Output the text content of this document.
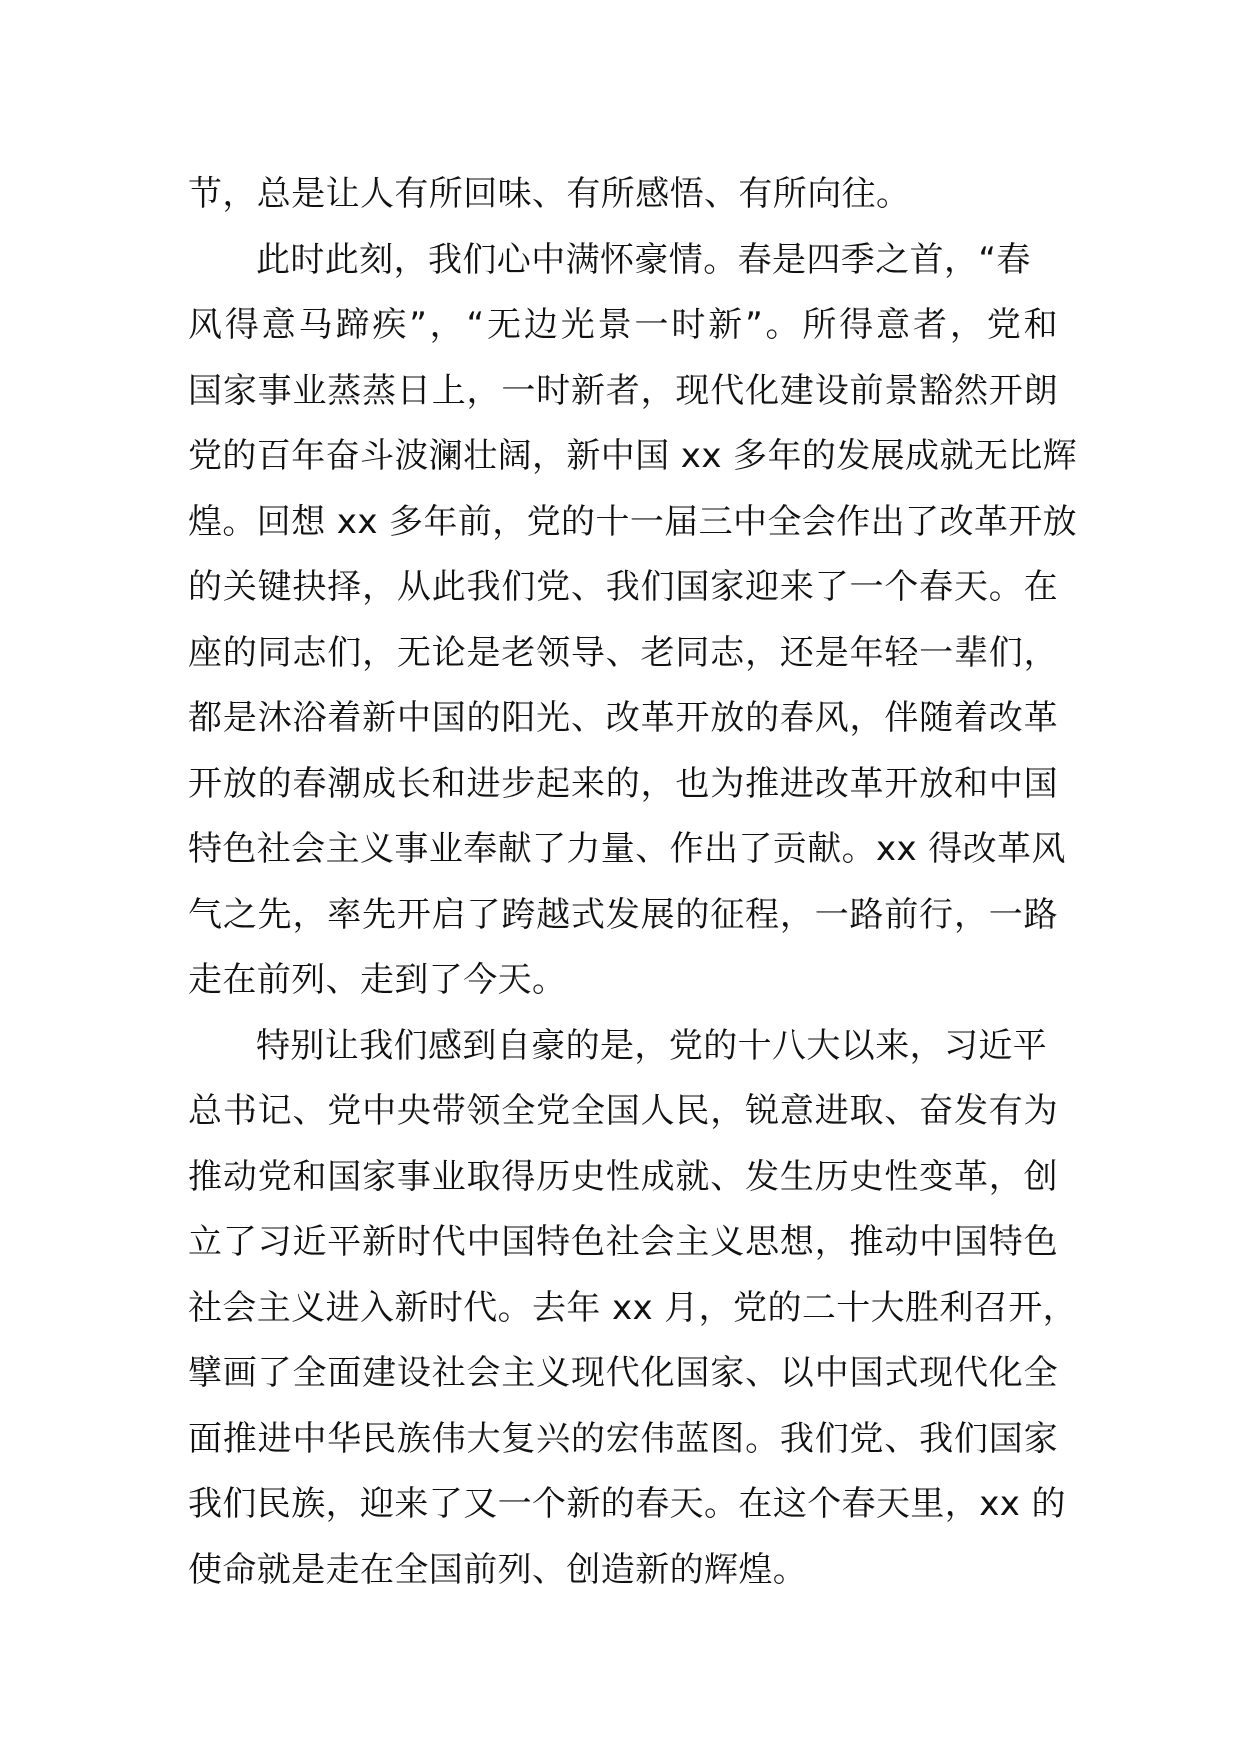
节，总是让人有所回味、有所感悟、有所向往。
此时此刻，我们心中满怀豪情。春是四季之首，“春
风得意马蹄疾”，“无边光景一时新”。所得意者，党和
国家事业蒸蒸日上，一时新者，现代化建设前景豁然开朗
党的百年奋斗波澜壮阔，新中国 xx 多年的发展成就无比辉
煌。回想 xx 多年前，党的十一届三中全会作出了改革开放
的关键抉择，从此我们党、我们国家迎来了一个春天。在
座的同志们，无论是老领导、老同志，还是年轻一辈们，
都是沐浴着新中国的阳光、改革开放的春风，伴随着改革
开放的春潮成长和进步起来的，也为推进改革开放和中国
特色社会主义事业奉献了力量、作出了贡献。xx 得改革风
气之先，率先开启了跨越式发展的征程，一路前行，一路
走在前列、走到了今天。
特别让我们感到自豪的是，党的十八大以来，习近平
总书记、党中央带领全党全国人民，锐意进取、奋发有为
推动党和国家事业取得历史性成就、发生历史性变革，创
立了习近平新时代中国特色社会主义思想，推动中国特色
社会主义进入新时代。去年 xx 月，党的二十大胜利召开，
擘画了全面建设社会主义现代化国家、以中国式现代化全
面推进中华民族伟大复兴的宏伟蓝图。我们党、我们国家
我们民族，迎来了又一个新的春天。在这个春天里，xx 的
使命就是走在全国前列、创造新的辉煌。
